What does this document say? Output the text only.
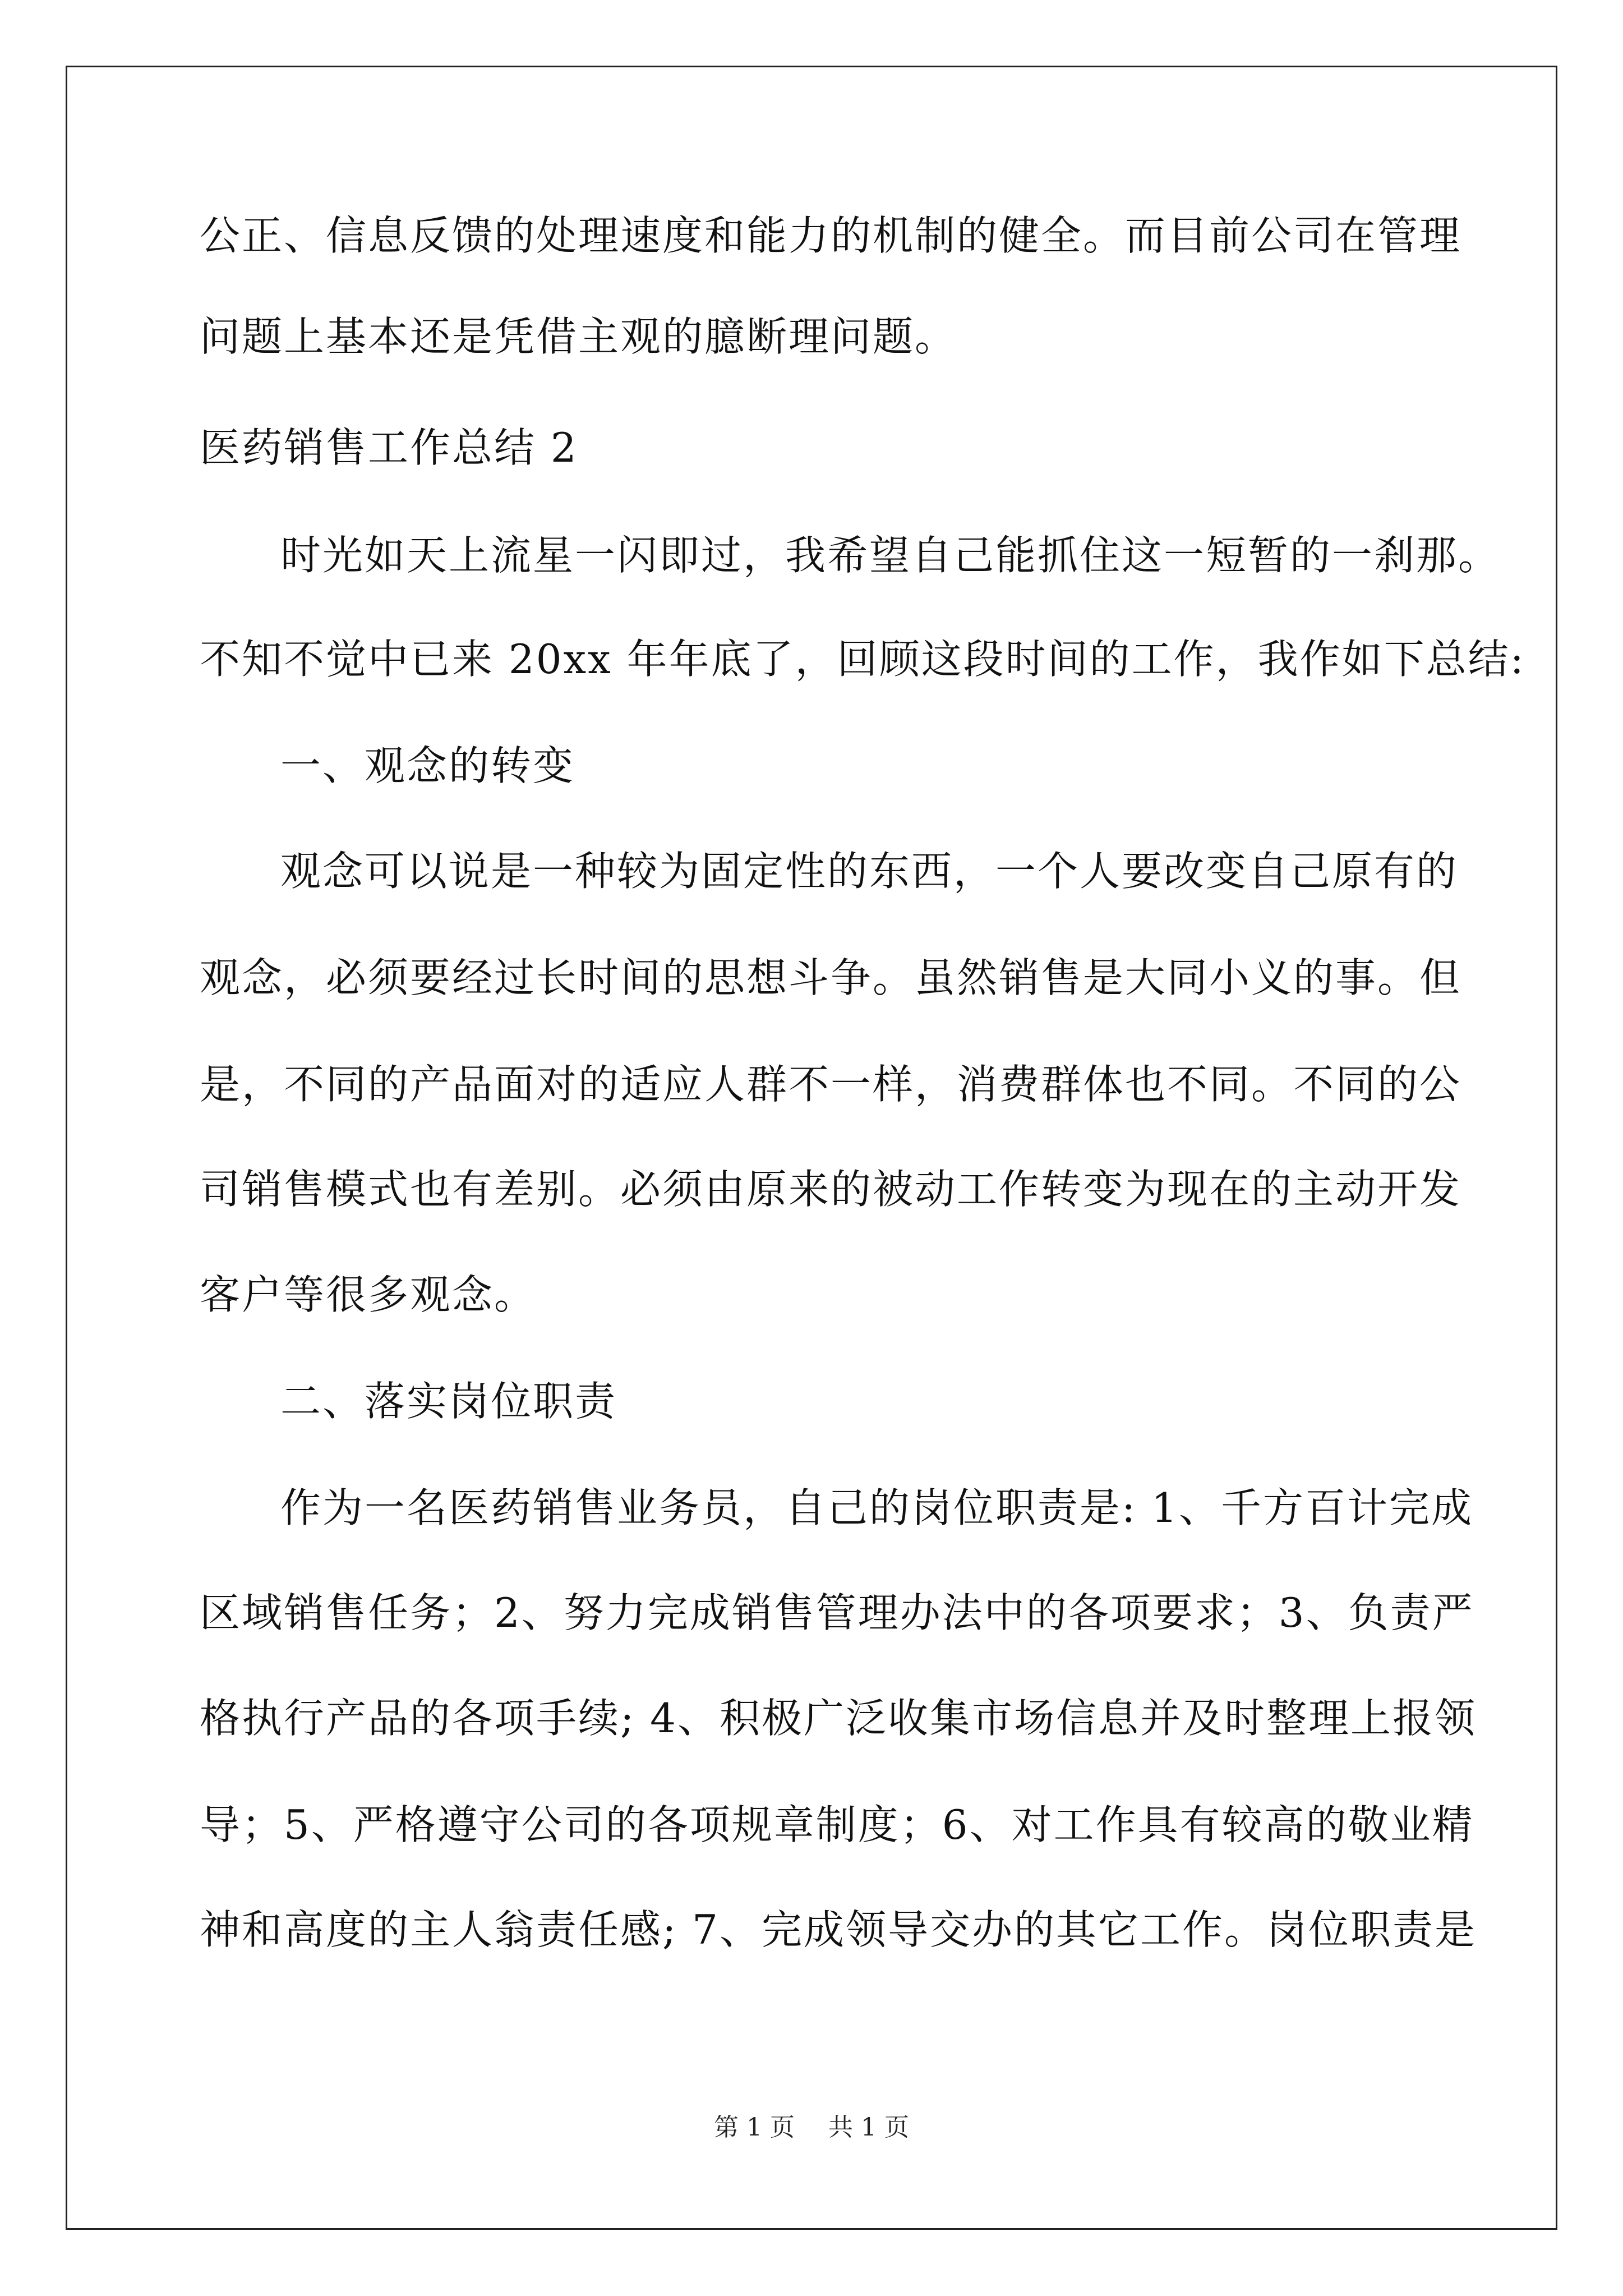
公正、信息反馈的处理速度和能力的机制的健全。而目前公司在管理
问题上基本还是凭借主观的臆断理问题。
医药销售工作总结 2
时光如天上流星一闪即过，我希望自己能抓住这一短暂的一刹那。
不知不觉中已来 20xx 年年底了，回顾这段时间的工作，我作如下总结:
一、观念的转变
观念可以说是一种较为固定性的东西，一个人要改变自己原有的
观念，必须要经过长时间的思想斗争。虽然销售是大同小义的事。但
是，不同的产品面对的适应人群不一样，消费群体也不同。不同的公
司销售模式也有差别。必须由原来的被动工作转变为现在的主动开发
客户等很多观念。
二、落实岗位职责
作为一名医药销售业务员，自己的岗位职责是: 1、千方百计完成
区域销售任务；2、努力完成销售管理办法中的各项要求；3、负责严
格执行产品的各项手续; 4、积极广泛收集市场信息并及时整理上报领
导；5、严格遵守公司的各项规章制度；6、对工作具有较高的敬业精
神和高度的主人翁责任感; 7、完成领导交办的其它工作。岗位职责是
第 1 页 共 1 页
